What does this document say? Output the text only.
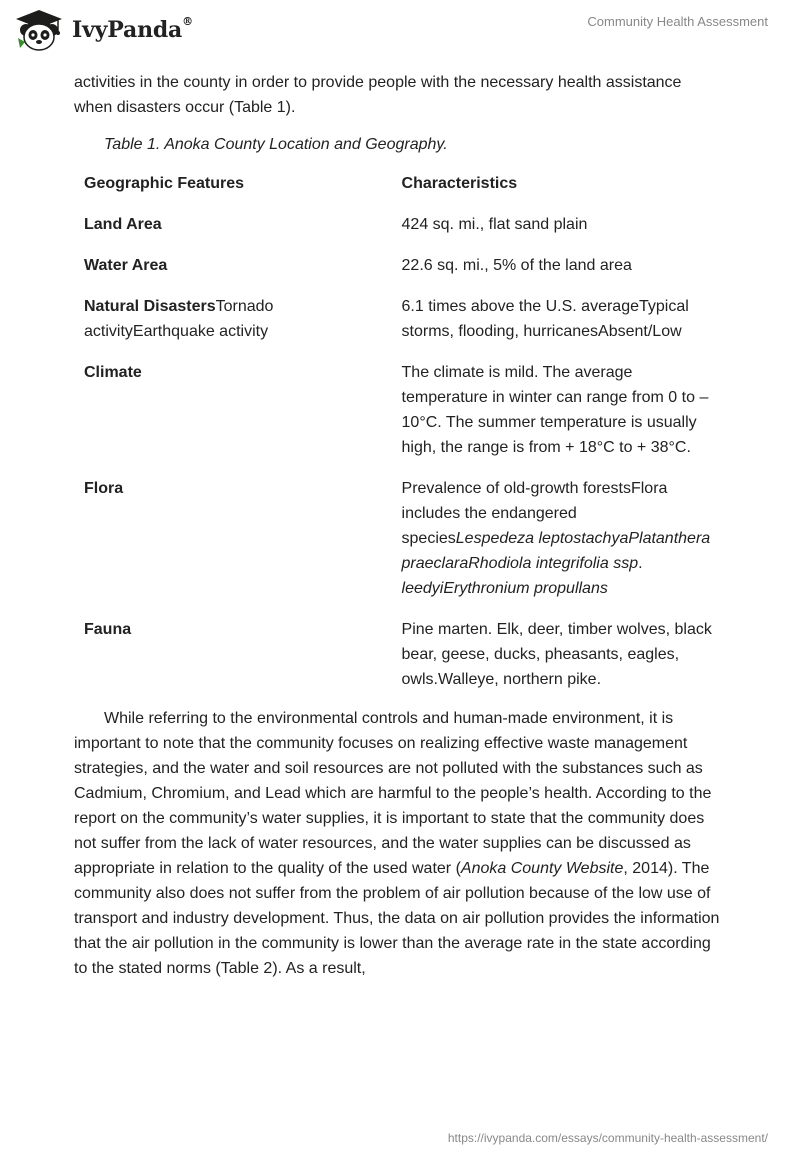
IvyPanda®	Community Health Assessment

activities in the county in order to provide people with the necessary health assistance when disasters occur (Table 1).

Table 1. Anoka County Location and Geography.

Geographic Features	Characteristics
Land Area	424 sq. mi., flat sand plain
Water Area	22.6 sq. mi., 5% of the land area
Natural DisastersTornado activityEarthquake activity	6.1 times above the U.S. averageTypical storms, flooding, hurricanesAbsent/Low
Climate	The climate is mild. The average temperature in winter can range from 0 to – 10°C. The summer temperature is usually high, the range is from + 18°C to + 38°C.
Flora	Prevalence of old-growth forestsFlora includes the endangered speciesLespedeza leptostachyaPlatanthera praeclaraRhodiola integrifolia ssp. leedyiErythronium propullans
Fauna	Pine marten. Elk, deer, timber wolves, black bear, geese, ducks, pheasants, eagles, owls.Walleye, northern pike.

While referring to the environmental controls and human-made environment, it is important to note that the community focuses on realizing effective waste management strategies, and the water and soil resources are not polluted with the substances such as Cadmium, Chromium, and Lead which are harmful to the people’s health. According to the report on the community’s water supplies, it is important to state that the community does not suffer from the lack of water resources, and the water supplies can be discussed as appropriate in relation to the quality of the used water (Anoka County Website, 2014). The community also does not suffer from the problem of air pollution because of the low use of transport and industry development. Thus, the data on air pollution provides the information that the air pollution in the community is lower than the average rate in the state according to the stated norms (Table 2). As a result,

https://ivypanda.com/essays/community-health-assessment/
